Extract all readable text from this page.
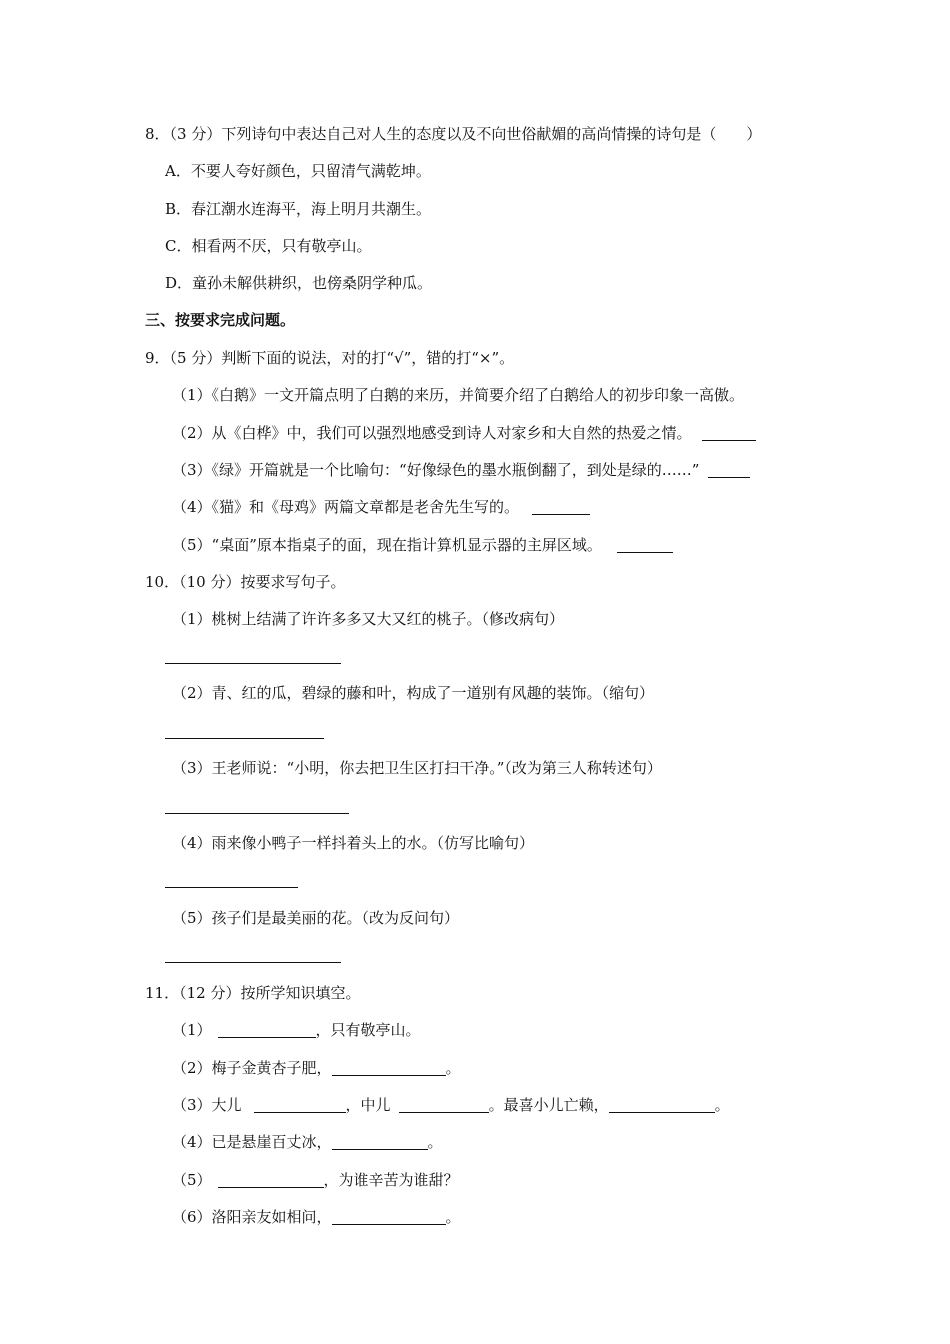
8．（3 分）下列诗句中表达自己对人生的态度以及不向世俗献媚的高尚情操的诗句是（　　）
A．不要人夸好颜色，只留清气满乾坤。
B．春江潮水连海平，海上明月共潮生。
C．相看两不厌，只有敬亭山。
D．童孙未解供耕织，也傍桑阴学种瓜。
三、按要求完成问题。
9．（5 分）判断下面的说法，对的打“√”，错的打“×”。
（1）《白鹅》一文开篇点明了白鹅的来历，并简要介绍了白鹅给人的初步印象一高傲。
（2）从《白桦》中，我们可以强烈地感受到诗人对家乡和大自然的热爱之情。
（3）《绿》开篇就是一个比喻句：“好像绿色的墨水瓶倒翻了，到处是绿的……”
（4）《猫》和《母鸡》两篇文章都是老舍先生写的。
（5）“桌面”原本指桌子的面，现在指计算机显示器的主屏区域。
10．（10 分）按要求写句子。
（1）桃树上结满了许许多多又大又红的桃子。（修改病句）
（2）青、红的瓜，碧绿的藤和叶，构成了一道别有风趣的装饰。（缩句）
（3）王老师说：“小明，你去把卫生区打扫干净。”（改为第三人称转述句）
（4）雨来像小鸭子一样抖着头上的水。（仿写比喻句）
（5）孩子们是最美丽的花。（改为反问句）
11．（12 分）按所学知识填空。
（1）	，只有敬亭山。
（2）梅子金黄杏子肥，	。
（3）大儿	，中儿	。最喜小儿亡赖，	。
（4）已是悬崖百丈冰，	。
（5）	，为谁辛苦为谁甜？
（6）洛阳亲友如相问，	。
